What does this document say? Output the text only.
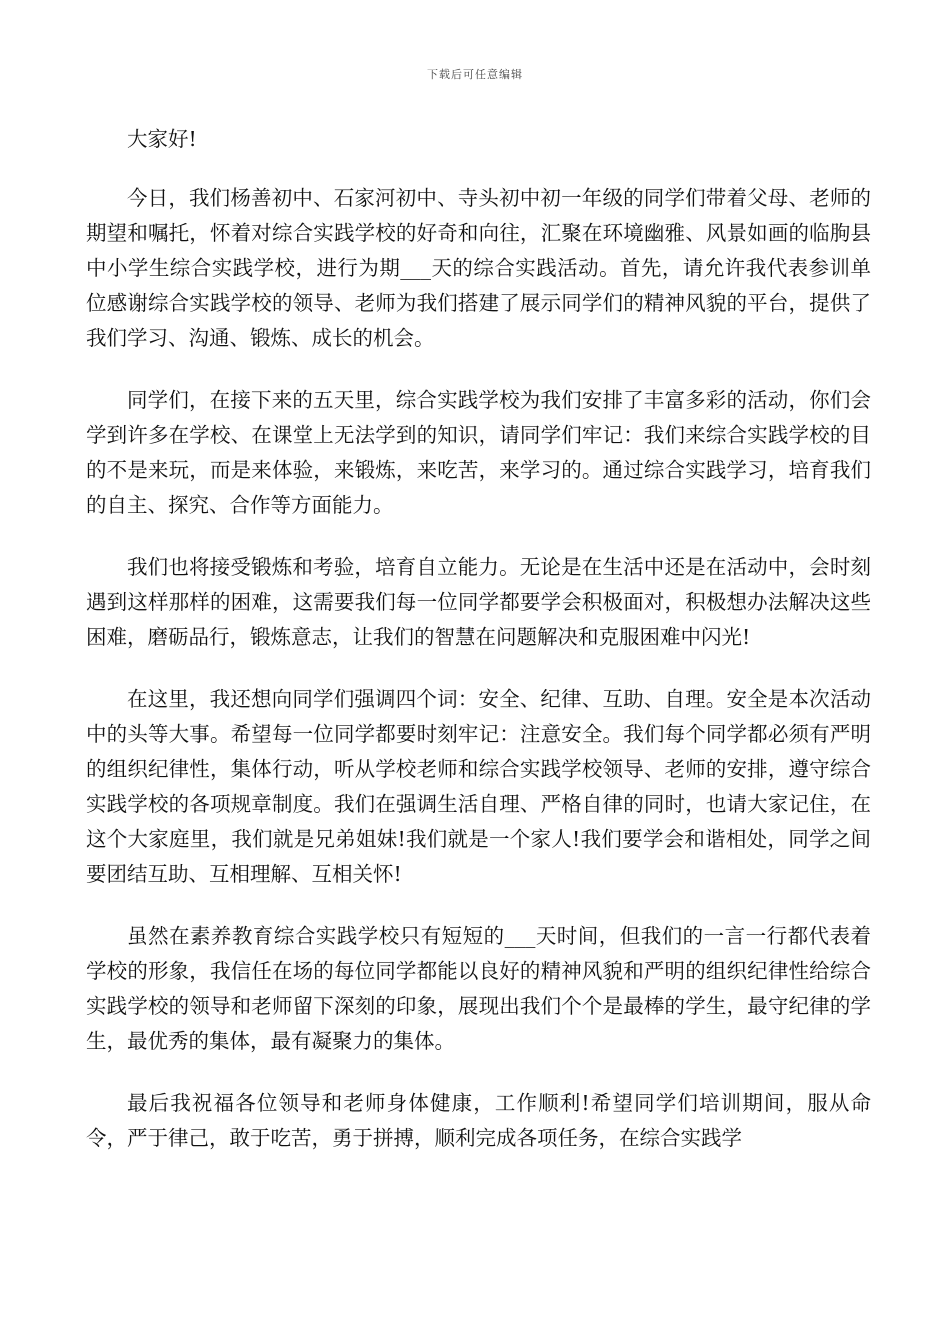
下载后可任意编辑

大家好!

今日，我们杨善初中、石家河初中、寺头初中初一年级的同学们带着父母、老师的期望和嘱托，怀着对综合实践学校的好奇和向往，汇聚在环境幽雅、风景如画的临朐县中小学生综合实践学校，进行为期___天的综合实践活动。首先，请允许我代表参训单位感谢综合实践学校的领导、老师为我们搭建了展示同学们的精神风貌的平台，提供了我们学习、沟通、锻炼、成长的机会。

同学们，在接下来的五天里，综合实践学校为我们安排了丰富多彩的活动，你们会学到许多在学校、在课堂上无法学到的知识，请同学们牢记：我们来综合实践学校的目的不是来玩，而是来体验，来锻炼，来吃苦，来学习的。通过综合实践学习，培育我们的自主、探究、合作等方面能力。

我们也将接受锻炼和考验，培育自立能力。无论是在生活中还是在活动中，会时刻遇到这样那样的困难，这需要我们每一位同学都要学会积极面对，积极想办法解决这些困难，磨砺品行，锻炼意志，让我们的智慧在问题解决和克服困难中闪光!

在这里，我还想向同学们强调四个词：安全、纪律、互助、自理。安全是本次活动中的头等大事。希望每一位同学都要时刻牢记：注意安全。我们每个同学都必须有严明的组织纪律性，集体行动，听从学校老师和综合实践学校领导、老师的安排，遵守综合实践学校的各项规章制度。我们在强调生活自理、严格自律的同时，也请大家记住，在这个大家庭里，我们就是兄弟姐妹!我们就是一个家人!我们要学会和谐相处，同学之间要团结互助、互相理解、互相关怀!

虽然在素养教育综合实践学校只有短短的___天时间，但我们的一言一行都代表着学校的形象，我信任在场的每位同学都能以良好的精神风貌和严明的组织纪律性给综合实践学校的领导和老师留下深刻的印象，展现出我们个个是最棒的学生，最守纪律的学生，最优秀的集体，最有凝聚力的集体。

最后我祝福各位领导和老师身体健康，工作顺利!希望同学们培训期间，服从命令，严于律己，敢于吃苦，勇于拼搏，顺利完成各项任务，在综合实践学
